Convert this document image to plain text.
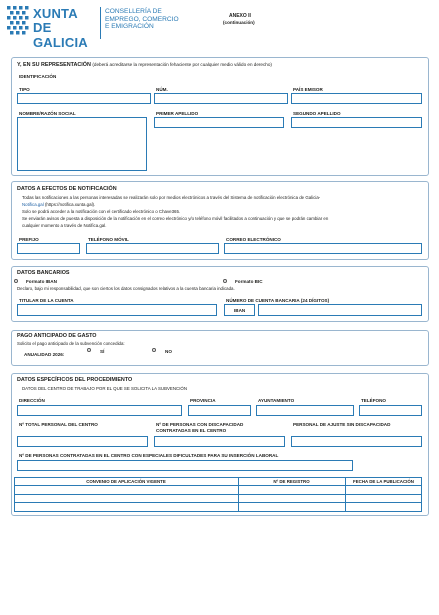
XUNTA
DE GALICIA
CONSELLERÍA DE
EMPREGO, COMERCIO
E EMIGRACIÓN
ANEXO II
(continuación)
Y, EN SU REPRESENTACIÓN (deberá acreditarse la representación fehaciente por cualquier medio válido en derecho)
IDENTIFICACIÓN
TIPO	NÚM.	PAÍS EMISOR
NOMBRE/RAZÓN SOCIAL	PRIMER APELLIDO	SEGUNDO APELLIDO
DATOS A EFECTOS DE NOTIFICACIÓN
Todas las notificaciones a las personas interesadas se realizarán solo por medios electrónicos a través del Sistema de notificación electrónica de Galicia-
Notifica.gal (https://notifica.xunta.gal).
Solo se podrá acceder a la notificación con el certificado electrónico o Chave365.
Se enviarán avisos de puesta a disposición de la notificación en el correo electrónico y/o teléfono móvil facilitados a continuación y que se podrán cambiar en
cualquier momento a través de Notifica.gal.
PREFIJO	TELÉFONO MÓVIL	CORREO ELECTRÓNICO
DATOS BANCARIOS
Formato IBAN	Formato BIC
Declaro, bajo mi responsabilidad, que son ciertos los datos consignados relativos a la cuenta bancaria indicada.
TITULAR DE LA CUENTA	NÚMERO DE CUENTA BANCARIA (24 DÍGITOS)
IBAN
PAGO ANTICIPADO DE GASTO
Solicito el pago anticipado de la subvención concedida:
ANUALIDAD 2026:
SÍ	NO
DATOS ESPECÍFICOS DEL PROCEDIMIENTO
DATOS DEL CENTRO DE TRABAJO POR EL QUE SE SOLICITA LA SUBVENCIÓN
DIRECCIÓN	PROVINCIA	AYUNTAMIENTO	TELÉFONO
Nº TOTAL PERSONAL DEL CENTRO	Nº DE PERSONAS CON DISCAPACIDAD
CONTRATADAS EN EL CENTRO
PERSONAL DE AJUSTE SIN DISCAPACIDAD
Nº DE PERSONAS CONTRATADAS EN EL CENTRO CON ESPECIALES DIFICULTADES PARA SU INSERCIÓN LABORAL
CONVENIO DE APLICACIÓN VIGENTE	Nº DE REGISTRO	FECHA DE LA PUBLICACIÓN
